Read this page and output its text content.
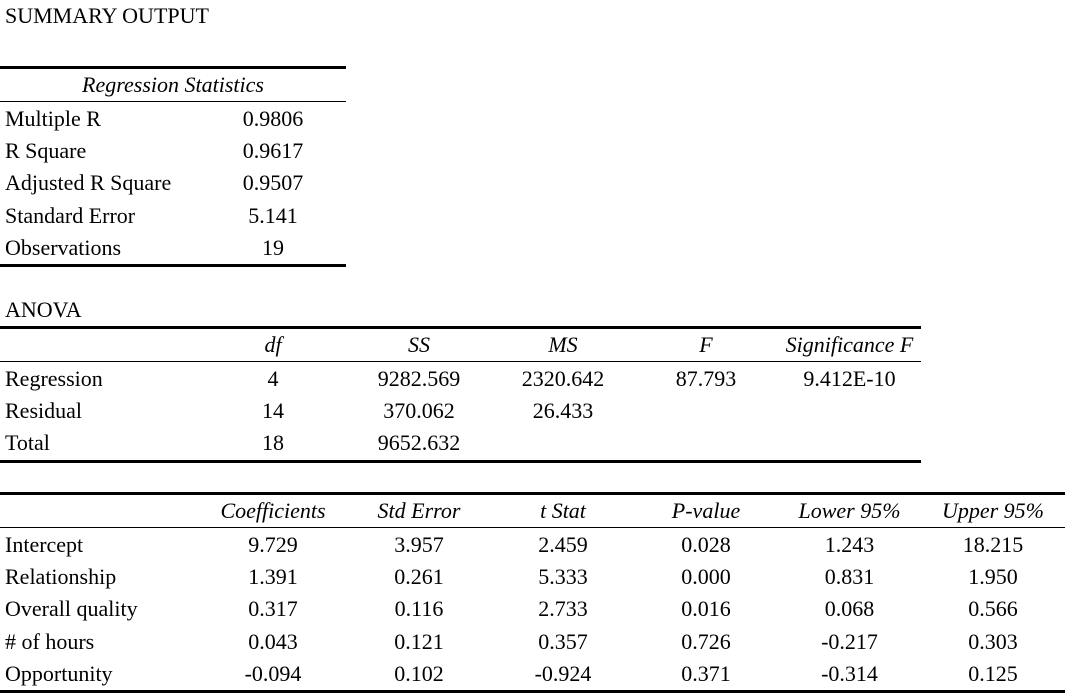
SUMMARY OUTPUT
Regression Statistics	
Multiple R	0.9806
R Square	0.9617
Adjusted R Square	0.9507
Standard Error	5.141
Observations	19
ANOVA
	df	SS	MS	F	Significance F
Regression	4	9282.569	2320.642	87.793	9.412E-10
Residual	14	370.062	26.433		
Total	18	9652.632			
	Coefficients	Std Error	t Stat	P-value	Lower 95%	Upper 95%
Intercept	9.729	3.957	2.459	0.028	1.243	18.215
Relationship	1.391	0.261	5.333	0.000	0.831	1.950
Overall quality	0.317	0.116	2.733	0.016	0.068	0.566
# of hours	0.043	0.121	0.357	0.726	-0.217	0.303
Opportunity	-0.094	0.102	-0.924	0.371	-0.314	0.125
